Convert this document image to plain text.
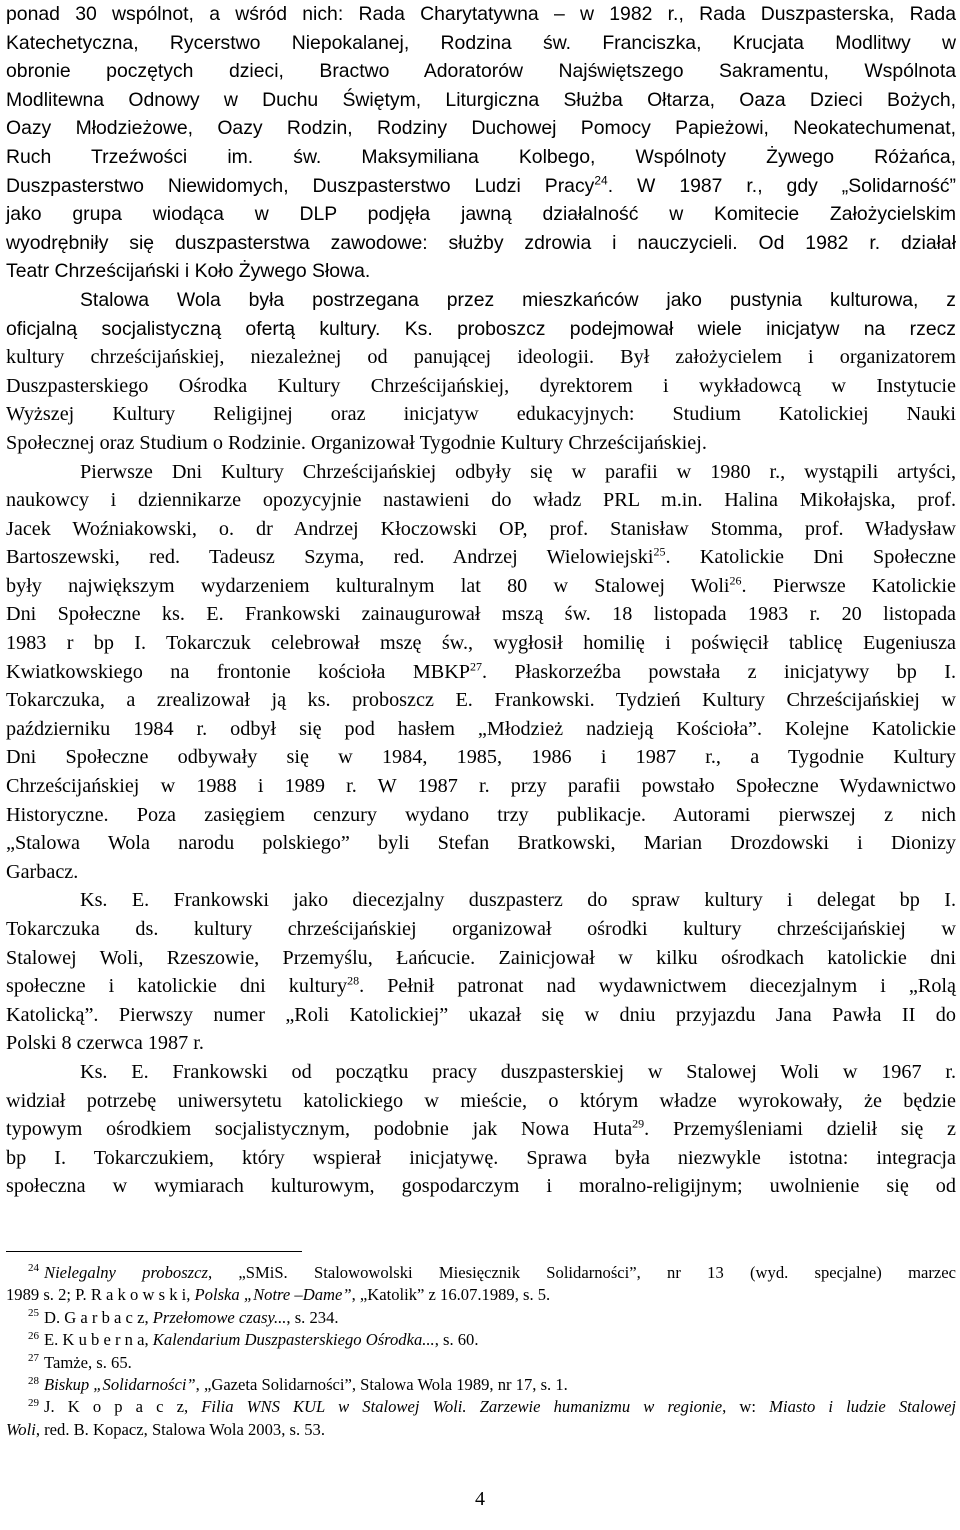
ponad 30 wspólnot, a wśród nich: Rada Charytatywna – w 1982 r., Rada Duszpasterska, Rada
Katechetyczna, Rycerstwo Niepokalanej, Rodzina św. Franciszka, Krucjata Modlitwy w
obronie poczętych dzieci, Bractwo Adoratorów Najświętszego Sakramentu, Wspólnota
Modlitewna Odnowy w Duchu Świętym, Liturgiczna Służba Ołtarza, Oaza Dzieci Bożych,
Oazy Młodzieżowe, Oazy Rodzin, Rodziny Duchowej Pomocy Papieżowi, Neokatechumenat,
Ruch Trzeźwości im. św. Maksymiliana Kolbego, Wspólnoty Żywego Różańca,
Duszpasterstwo Niewidomych, Duszpasterstwo Ludzi Pracy$^{24}$. W 1987 r., gdy „Solidarność”
jako grupa wiodąca w DLP podjęła jawną działalność w Komitecie Założycielskim
wyodrębniły się duszpasterstwa zawodowe: służby zdrowia i nauczycieli. Od 1982 r. działał
Teatr Chrześcijański i Koło Żywego Słowa.
Stalowa Wola była postrzegana przez mieszkańców jako pustynia kulturowa, z
oficjalną socjalistyczną ofertą kultury. Ks. proboszcz podejmował wiele inicjatyw na rzecz
kultury chrześcijańskiej, niezależnej od panującej ideologii. Był założycielem i organizatorem
Duszpasterskiego Ośrodka Kultury Chrześcijańskiej, dyrektorem i wykładowcą w Instytucie
Wyższej Kultury Religijnej oraz inicjatyw edukacyjnych: Studium Katolickiej Nauki
Społecznej oraz Studium o Rodzinie. Organizował Tygodnie Kultury Chrześcijańskiej.
Pierwsze Dni Kultury Chrześcijańskiej odbyły się w parafii w 1980 r., wystąpili artyści,
naukowcy i dziennikarze opozycyjnie nastawieni do władz PRL m.in. Halina Mikołajska, prof.
Jacek Woźniakowski, o. dr Andrzej Kłoczowski OP, prof. Stanisław Stomma, prof. Władysław
Bartoszewski, red. Tadeusz Szyma, red. Andrzej Wielowiejski$^{25}$. Katolickie Dni Społeczne
były największym wydarzeniem kulturalnym lat 80 w Stalowej Woli$^{26}$. Pierwsze Katolickie
Dni Społeczne ks. E. Frankowski zainaugurował mszą św. 18 listopada 1983 r. 20 listopada
1983 r bp I. Tokarczuk celebrował mszę św., wygłosił homilię i poświęcił tablicę Eugeniusza
Kwiatkowskiego na frontonie kościoła MBKP$^{27}$. Płaskorzeźba powstała z inicjatywy bp I.
Tokarczuka, a zrealizował ją ks. proboszcz E. Frankowski. Tydzień Kultury Chrześcijańskiej w
październiku 1984 r. odbył się pod hasłem „Młodzież nadzieją Kościoła”. Kolejne Katolickie
Dni Społeczne odbywały się w 1984, 1985, 1986 i 1987 r., a Tygodnie Kultury
Chrześcijańskiej w 1988 i 1989 r. W 1987 r. przy parafii powstało Społeczne Wydawnictwo
Historyczne. Poza zasięgiem cenzury wydano trzy publikacje. Autorami pierwszej z nich
„Stalowa Wola narodu polskiego” byli Stefan Bratkowski, Marian Drozdowski i Dionizy
Garbacz.
Ks. E. Frankowski jako diecezjalny duszpasterz do spraw kultury i delegat bp I.
Tokarczuka ds. kultury chrześcijańskiej organizował ośrodki kultury chrześcijańskiej w
Stalowej Woli, Rzeszowie, Przemyślu, Łańcucie. Zainicjował w kilku ośrodkach katolickie dni
społeczne i katolickie dni kultury$^{28}$. Pełnił patronat nad wydawnictwem diecezjalnym i „Rolą
Katolicką”. Pierwszy numer „Roli Katolickiej” ukazał się w dniu przyjazdu Jana Pawła II do
Polski 8 czerwca 1987 r.
Ks. E. Frankowski od początku pracy duszpasterskiej w Stalowej Woli w 1967 r.
widział potrzebę uniwersytetu katolickiego w mieście, o którym władze wyrokowały, że będzie
typowym ośrodkiem socjalistycznym, podobnie jak Nowa Huta$^{29}$. Przemyśleniami dzielił się z
bp I. Tokarczukiem, który wspierał inicjatywę. Sprawa była niezwykle istotna: integracja
społeczna w wymiarach kulturowym, gospodarczym i moralno-religijnym; uwolnienie się od

$^{24}$ Nielegalny proboszcz, „SMiS. Stalowowolski Miesięcznik Solidarności”, nr 13 (wyd. specjalne) marzec
1989 s. 2; P. R a k o w s k i, Polska „Notre –Dame”, „Katolik” z 16.07.1989, s. 5.

$^{25}$ D. G a r b a c z, Przełomowe czasy..., s. 234.

$^{26}$ E. K u b e r n a, Kalendarium Duszpasterskiego Ośrodka..., s. 60.

$^{27}$ Tamże, s. 65.

$^{28}$ Biskup „Solidarności”, „Gazeta Solidarności”, Stalowa Wola 1989, nr 17, s. 1.

$^{29}$ J. K o p a c z, Filia WNS KUL w Stalowej Woli. Zarzewie humanizmu w regionie, w: Miasto i ludzie Stalowej
Woli, red. B. Kopacz, Stalowa Wola 2003, s. 53.

4
